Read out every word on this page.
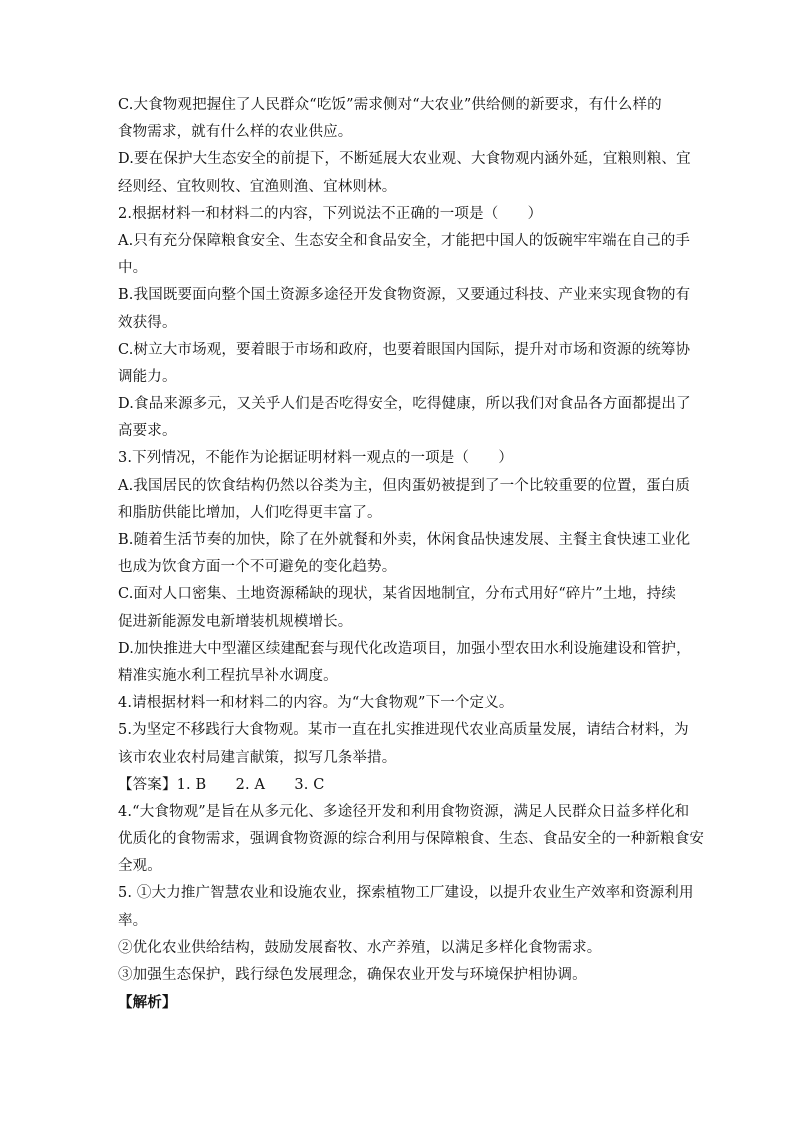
C.大食物观把握住了人民群众“吃饭”需求侧对“大农业”供给侧的新要求，有什么样的
食物需求，就有什么样的农业供应。
D.要在保护大生态安全的前提下，不断延展大农业观、大食物观内涵外延，宜粮则粮、宜
经则经、宜牧则牧、宜渔则渔、宜林则林。
2.根据材料一和材料二的内容，下列说法不正确的一项是（　　）
A.只有充分保障粮食安全、生态安全和食品安全，才能把中国人的饭碗牢牢端在自己的手
中。
B.我国既要面向整个国土资源多途径开发食物资源，又要通过科技、产业来实现食物的有
效获得。
C.树立大市场观，要着眼于市场和政府，也要着眼国内国际，提升对市场和资源的统筹协
调能力。
D.食品来源多元，又关乎人们是否吃得安全，吃得健康，所以我们对食品各方面都提出了
高要求。
3.下列情况，不能作为论据证明材料一观点的一项是（　　）
A.我国居民的饮食结构仍然以谷类为主，但肉蛋奶被提到了一个比较重要的位置，蛋白质
和脂肪供能比增加，人们吃得更丰富了。
B.随着生活节奏的加快，除了在外就餐和外卖，休闲食品快速发展、主餐主食快速工业化
也成为饮食方面一个不可避免的变化趋势。
C.面对人口密集、土地资源稀缺的现状，某省因地制宜，分布式用好“碎片”土地，持续
促进新能源发电新增装机规模增长。
D.加快推进大中型灌区续建配套与现代化改造项目，加强小型农田水利设施建设和管护，
精准实施水利工程抗旱补水调度。
4.请根据材料一和材料二的内容。为“大食物观”下一个定义。
5.为坚定不移践行大食物观。某市一直在扎实推进现代农业高质量发展，请结合材料，为
该市农业农村局建言献策，拟写几条举措。
【答案】1. B　　2. A　　3. C
4.“大食物观”是旨在从多元化、多途径开发和利用食物资源，满足人民群众日益多样化和
优质化的食物需求，强调食物资源的综合利用与保障粮食、生态、食品安全的一种新粮食安
全观。
5. ①大力推广智慧农业和设施农业，探索植物工厂建设，以提升农业生产效率和资源利用
率。
②优化农业供给结构，鼓励发展畜牧、水产养殖，以满足多样化食物需求。
③加强生态保护，践行绿色发展理念，确保农业开发与环境保护相协调。
【解析】
